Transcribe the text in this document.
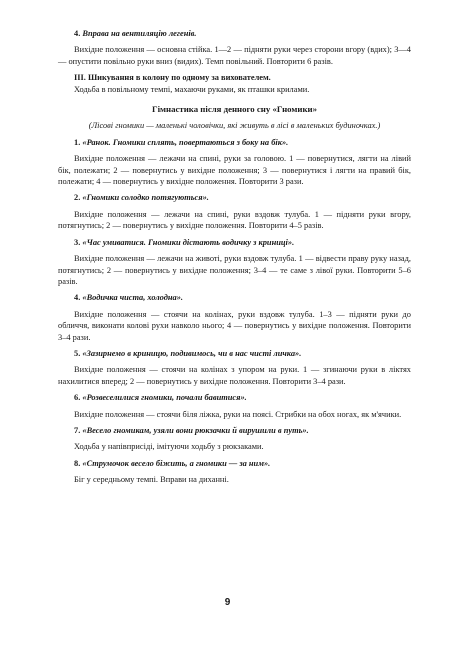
4. Вправа на вентиляцію легенів.

Вихідне положення — основна стійка. 1—2 — підняти руки через сторони вгору (вдих); 3—4 — опустити повільно руки вниз (видих). Темп повільний. Повторити 6 разів.

ІІІ. Шикування в колону по одному за вихователем.

Ходьба в повільному темпі, махаючи руками, як пташки крилами.

Гімнастика після денного сну «Гномики»

(Лісові гномики — маленькі чоловічки, які живуть в лісі в маленьких будиночках.)

1. «Ранок. Гномики сплять, повертаються з боку на бік».

Вихідне положення — лежачи на спині, руки за головою. 1 — повернутися, лягти на лівий бік, полежати; 2 — повернутись у вихідне положення; 3 — повернутися і лягти на правий бік, полежати; 4 — повернутись у вихідне положення. Повторити 3 рази.

2. «Гномики солодко потягуються».

Вихідне положення — лежачи на спині, руки вздовж тулуба. 1 — підняти руки вгору, потягнутись; 2 — повернутись у вихідне положення. Повторити 4–5 разів.

3. «Час умиватися. Гномики дістають водичку з криниці».

Вихідне положення — лежачи на животі, руки вздовж тулуба. 1 — відвести праву руку назад, потягнутись; 2 — повернутись у вихідне положення; 3–4 — те саме з лівої руки. Повторити 5–6 разів.

4. «Водичка чиста, холодна».

Вихідне положення — стоячи на колінах, руки вздовж тулуба. 1–3 — підняти руки до обличчя, виконати колові рухи навколо нього; 4 — повернутись у вихідне положення. Повторити 3–4 рази.

5. «Зазирнемо в криницю, подивимось, чи в нас чисті личка».

Вихідне положення — стоячи на колінах з упором на руки. 1 — згинаючи руки в ліктях нахилитися вперед; 2 — повернутись у вихідне положення. Повторити 3–4 рази.

6. «Розвеселилися гномики, почали бавитися».

Вихідне положення — стоячи біля ліжка, руки на поясі. Стрибки на обох ногах, як м'ячики.

7. «Весело гномикам, узяли вони рюкзачки й вирушили в путь».

Ходьба у напівприсіді, імітуючи ходьбу з рюкзаками.

8. «Струмочок весело біжить, а гномики — за ним».

Біг у середньому темпі. Вправи на диханні.

9
